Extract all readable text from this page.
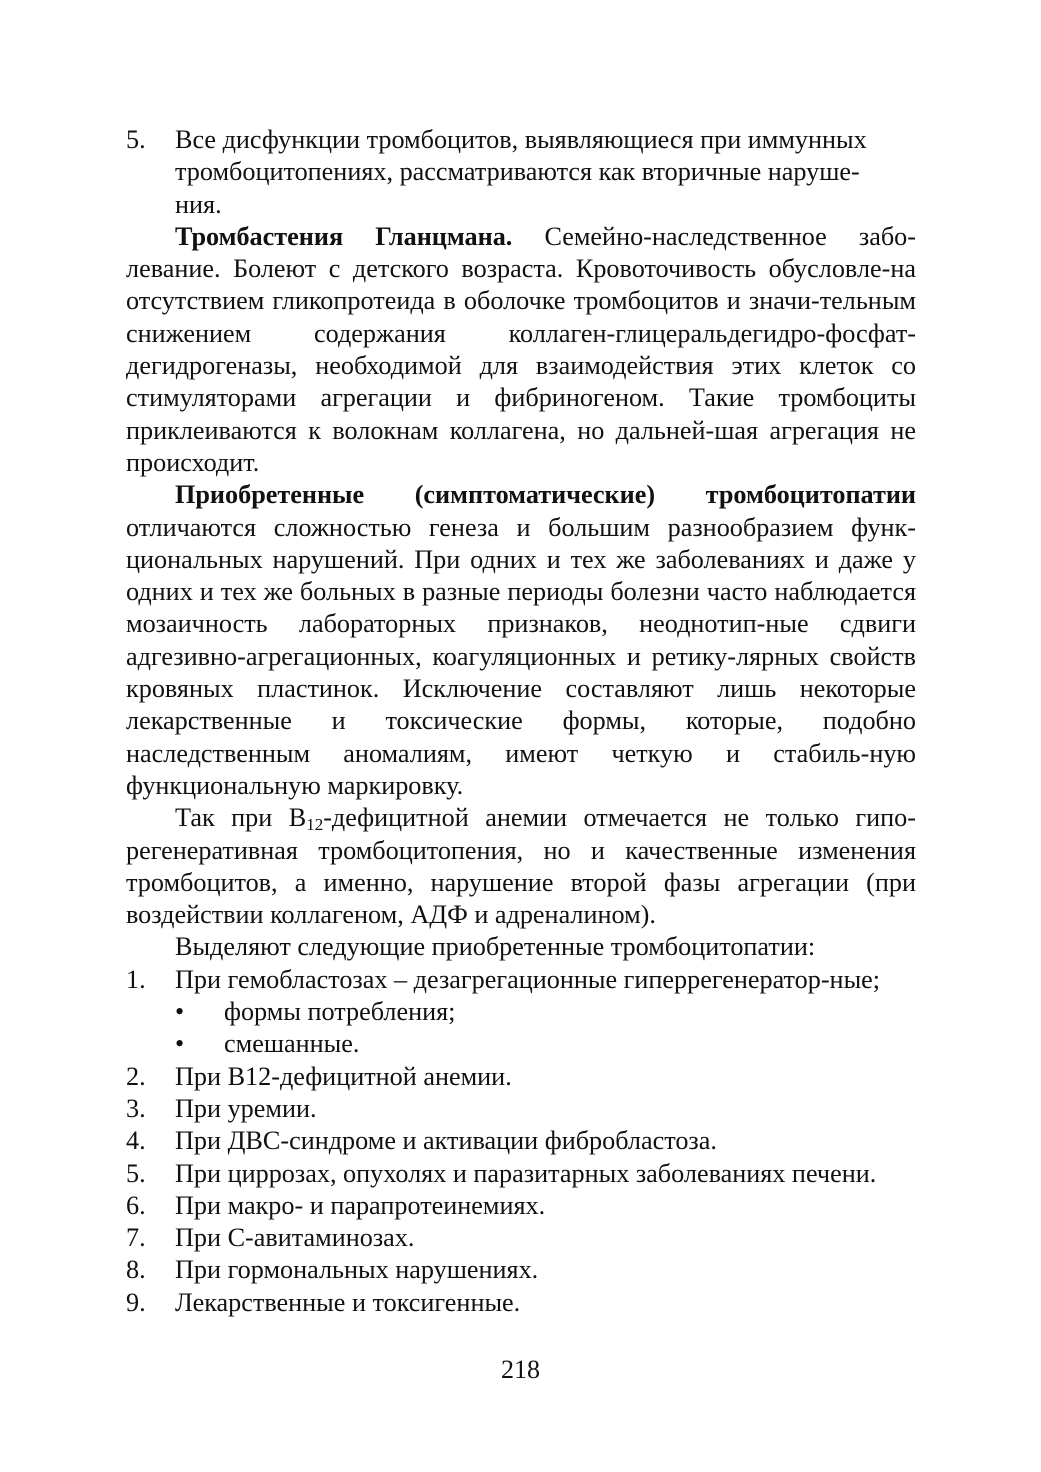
5.	Все дисфункции тромбоцитов, выявляющиеся при иммунных
тромбоцитопениях, рассматриваются как вторичные наруше-
ния.

Тромбастения Гланцмана. Семейно-наследственное забо-левание. Болеют с детского возраста. Кровоточивость обусловле-на отсутствием гликопротеида в оболочке тромбоцитов и значи-тельным снижением содержания коллаген-глицеральдегидро-фосфат-дегидрогеназы, необходимой для взаимодействия этих клеток со стимуляторами агрегации и фибриногеном. Такие тромбоциты приклеиваются к волокнам коллагена, но дальней-шая агрегация не происходит.

Приобретенные (симптоматические) тромбоцитопатии отличаются сложностью генеза и большим разнообразием функ-циональных нарушений. При одних и тех же заболеваниях и даже у одних и тех же больных в разные периоды болезни часто наблюдается мозаичность лабораторных признаков, неоднотип-ные сдвиги адгезивно-агрегационных, коагуляционных и ретику-лярных свойств кровяных пластинок. Исключение составляют лишь некоторые лекарственные и токсические формы, которые, подобно наследственным аномалиям, имеют четкую и стабиль-ную функциональную маркировку.

Так при $В_{12}$-дефицитной анемии отмечается не только гипо-регенеративная тромбоцитопения, но и качественные изменения тромбоцитов, а именно, нарушение второй фазы агрегации (при воздействии коллагеном, АДФ и адреналином).

Выделяют следующие приобретенные тромбоцитопатии:

1.	При гемобластозах – дезагрегационные гиперрегенератор-ные;
• формы потребления;
• смешанные.
2.	При В12-дефицитной анемии.
3.	При уремии.
4.	При ДВС-синдроме и активации фибробластоза.
5.	При циррозах, опухолях и паразитарных заболеваниях печени.
6.	При макро- и парапротеинемиях.
7.	При С-авитаминозах.
8.	При гормональных нарушениях.
9.	Лекарственные и токсигенные.
218
